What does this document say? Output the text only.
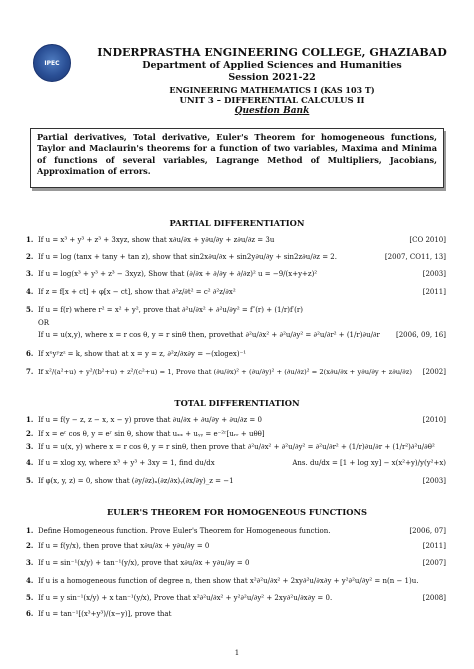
IPEC
INDERPRASTHA ENGINEERING COLLEGE, GHAZIABAD
Department of Applied Sciences and Humanities
Session 2021-22
ENGINEERING MATHEMATICS I (KAS 103 T)
UNIT 3 – DIFFERENTIAL CALCULUS II
Question Bank
Partial derivatives, Total derivative, Euler's Theorem for homogeneous functions, Taylor and Maclaurin's theorems for a function of two variables, Maxima and Minima of functions of several variables, Lagrange Method of Multipliers, Jacobians, Approximation of errors.
PARTIAL DIFFERENTIATION
1. If u = x³ + y³ + z³ + 3xyz, show that x∂u/∂x + y∂u/∂y + z∂u/∂z = 3u	[CO 2010]
2. If u = log (tanx + tany + tan z), show that sin2x∂u/∂x + sin2y∂u/∂y + sin2z∂u/∂z = 2.	[2007, CO11, 13]
3. If u = log(x³ + y³ + z³ − 3xyz), Show that (∂/∂x + ∂/∂y + ∂/∂z)² u = −9/(x+y+z)²	[2003]
4. If z = f[x + ct] + φ[x − ct], show that ∂²z/∂t² = c² ∂²z/∂x²	[2011]
5. If u = f(r) where r² = x² + y², prove that ∂²u/∂x² + ∂²u/∂y² = f″(r) + (1/r)f′(r)
OR
If u = u(x,y), where x = r cos θ, y = r sinθ then, provethat ∂²u/∂x² + ∂²u/∂y² = ∂²u/∂r² + (1/r)∂u/∂r [2006, 09, 16]
6. If xˣyʸzᶻ = k, show that at x = y = z, ∂²z/∂x∂y = −(xlogex)⁻¹
7. If x²/(a²+u) + y²/(b²+u) + z²/(c²+u) = 1, Prove that (∂u/∂x)² + (∂u/∂y)² + (∂u/∂z)² = 2(x∂u/∂x + y∂u/∂y + z∂u/∂z) [2002]
TOTAL DIFFERENTIATION
1. If u = f(y − z, z − x, x − y) prove that ∂u/∂x + ∂u/∂y + ∂u/∂z = 0	[2010]
2. If x = eʳ cos θ, y = eʳ sin θ, show that uₓₓ + uᵧᵧ = e⁻²ʳ[uᵣᵣ + uθθ]
3. If u = u(x, y) where x = r cos θ, y = r sinθ, then prove that ∂²u/∂x² + ∂²u/∂y² = ∂²u/∂r² + (1/r)∂u/∂r + (1/r²)∂²u/∂θ²
4. If u = xlog xy, where x³ + y³ + 3xy = 1, find du/dx	Ans. du/dx = [1 + log xy] − x(x²+y)/y(y²+x)
5. If φ(x, y, z) = 0, show that (∂y/∂z)ₓ(∂z/∂x)ᵧ(∂x/∂y)_z = −1	[2003]
EULER'S THEOREM FOR HOMOGENEOUS FUNCTIONS
1. Define Homogeneous function. Prove Euler's Theorem for Homogeneous function.	[2006, 07]
2. If u = f(y/x), then prove that x∂u/∂x + y∂u/∂y = 0	[2011]
3. If u = sin⁻¹(x/y) + tan⁻¹(y/x), prove that x∂u/∂x + y∂u/∂y = 0	[2007]
4. If u is a homogeneous function of degree n, then show that x²∂²u/∂x² + 2xy∂²u/∂x∂y + y²∂²u/∂y² = n(n − 1)u.
5. If u = y sin⁻¹(x/y) + x tan⁻¹(y/x), Prove that x²∂²u/∂x² + y²∂²u/∂y² + 2xy∂²u/∂x∂y = 0.	[2008]
6. If u = tan⁻¹[(x³+y³)/(x−y)], prove that
1
